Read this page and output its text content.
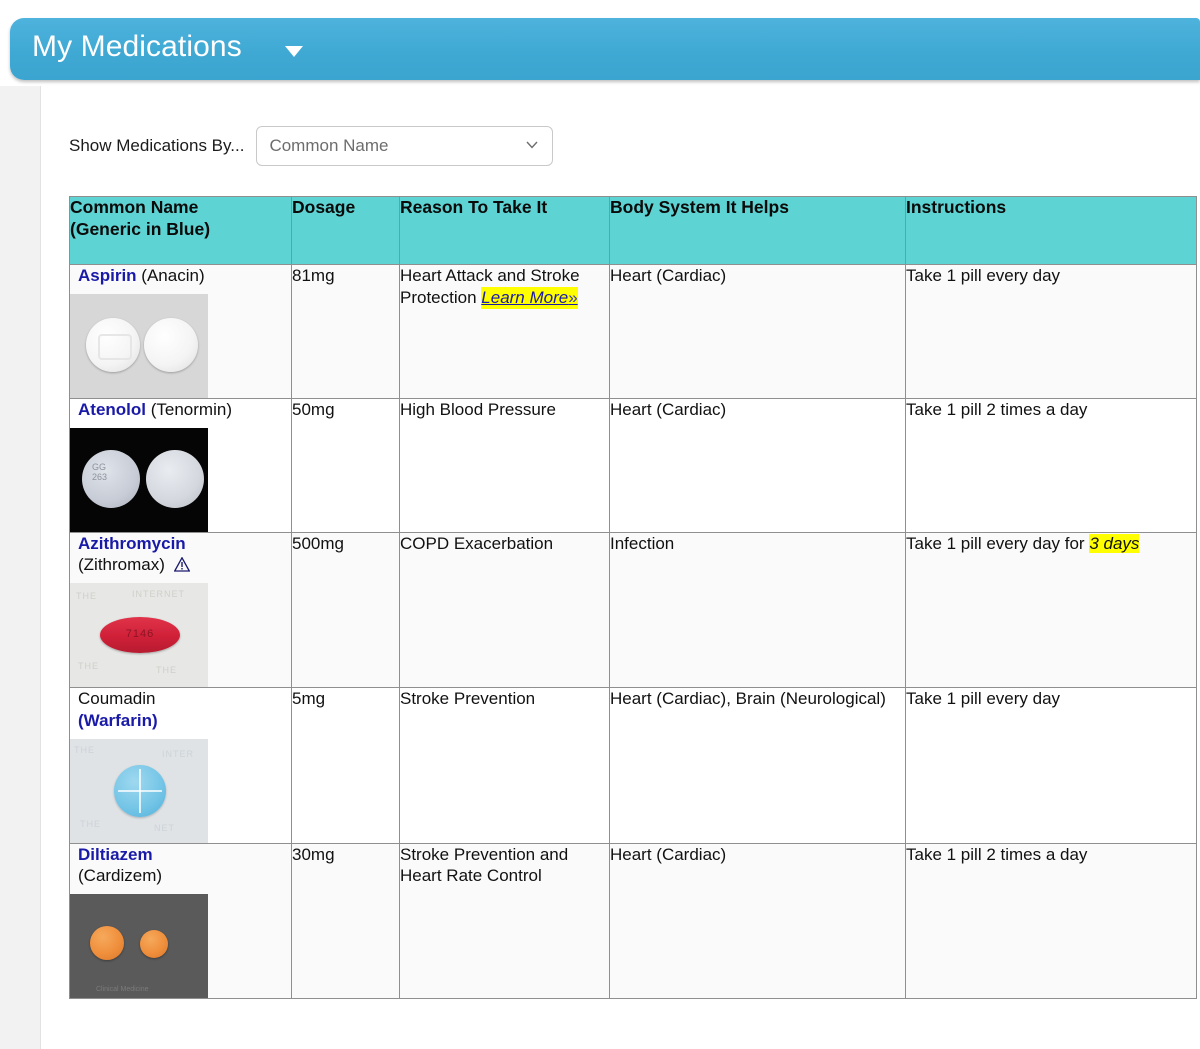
My Medications
Show Medications By...	Common Name
Common Name
(Generic in Blue)	Dosage	Reason To Take It	Body System It Helps	Instructions

Aspirin (Anacin)	81mg	Heart Attack and Stroke Protection Learn More»	Heart (Cardiac)	Take 1 pill every day

Atenolol (Tenormin)
GG
263	50mg	High Blood Pressure	Heart (Cardiac)	Take 1 pill 2 times a day

Azithromycin
(Zithromax)
THE	INTERNET
THE	THE
7146
	500mg	COPD Exacerbation	Infection	Take 1 pill every day for 3 days

Coumadin
(Warfarin)
THE	INTER
THE	NET
	5mg	Stroke Prevention	Heart (Cardiac), Brain (Neurological)	Take 1 pill every day

Diltiazem
(Cardizem)
Clinical Medicine	30mg	Stroke Prevention and Heart Rate Control	Heart (Cardiac)	Take 1 pill 2 times a day
